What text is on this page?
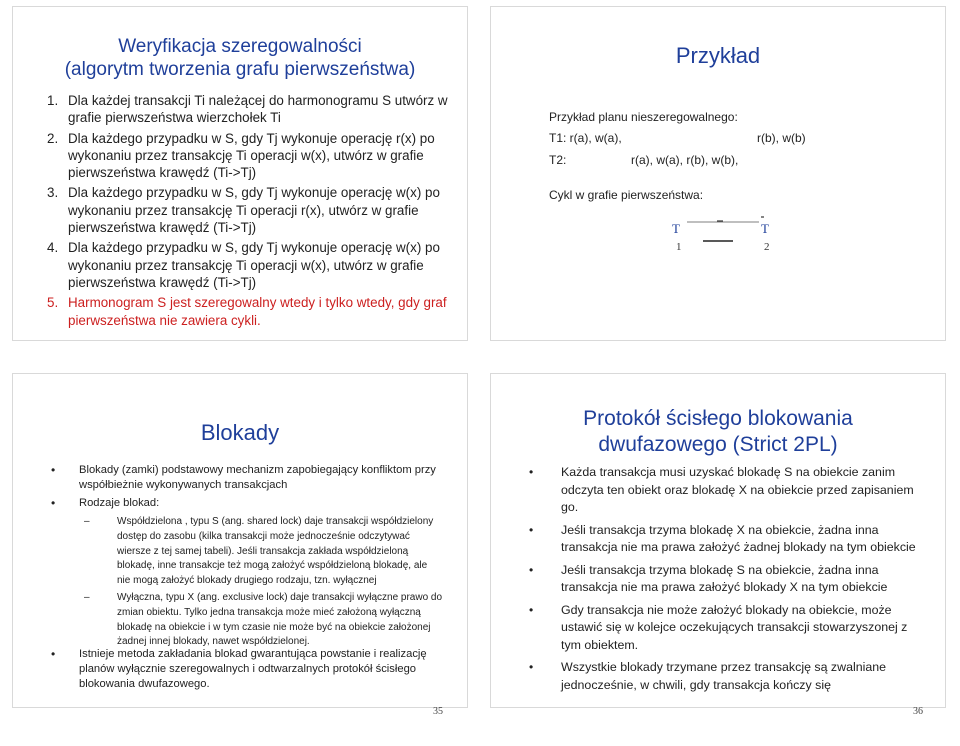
Weryfikacja szeregowalności
(algorytm tworzenia grafu pierwszeństwa)
1. Dla każdej transakcji Ti należącej do harmonogramu S utwórz w grafie pierwszeństwa wierzchołek Ti
2. Dla każdego przypadku w S, gdy Tj wykonuje operację r(x) po wykonaniu przez transakcję Ti operacji w(x), utwórz w grafie pierwszeństwa krawędź (Ti->Tj)
3. Dla każdego przypadku w S, gdy Tj wykonuje operację w(x) po wykonaniu przez transakcję Ti operacji r(x), utwórz w grafie pierwszeństwa krawędź (Ti->Tj)
4. Dla każdego przypadku w S, gdy Tj wykonuje operację w(x) po wykonaniu przez transakcję Ti operacji w(x), utwórz w grafie pierwszeństwa krawędź (Ti->Tj)
5. Harmonogram S jest szeregowalny wtedy i tylko wtedy, gdy graf pierwszeństwa nie zawiera cykli.
Przykład
Przykład planu nieszeregowalnego:
T1: r(a), w(a),	r(b), w(b)
T2:	r(a), w(a), r(b), w(b),
Cykl w grafie pierwszeństwa:
T
1
T
2
Blokady
• Blokady (zamki) podstawowy mechanizm zapobiegający konfliktom przy współbieżnie wykonywanych transakcjach
• Rodzaje blokad:
–	Współdzielona , typu S (ang. shared lock) daje transakcji współdzielony dostęp do zasobu (kilka transakcji może jednocześnie odczytywać wiersze z tej samej tabeli). Jeśli transakcja zakłada współdzieloną blokadę, inne transakcje też mogą założyć współdzieloną blokadę, ale nie mogą założyć blokady drugiego rodzaju, tzn. wyłącznej
–	Wyłączna, typu X (ang. exclusive lock) daje transakcji wyłączne prawo do zmian obiektu. Tylko jedna transakcja może mieć założoną wyłączną blokadę na obiekcie i w tym czasie nie może być na obiekcie założonej żadnej innej blokady, nawet współdzielonej.
• Istnieje metoda zakładania blokad gwarantująca powstanie i realizację planów wyłącznie szeregowalnych i odtwarzalnych protokół ścisłego blokowania dwufazowego.
Protokół ścisłego blokowania
dwufazowego (Strict 2PL)
• Każda transakcja musi uzyskać blokadę S na obiekcie zanim odczyta ten obiekt oraz blokadę X na obiekcie przed zapisaniem go.
• Jeśli transakcja trzyma blokadę X na obiekcie, żadna inna transakcja nie ma prawa założyć żadnej blokady na tym obiekcie
• Jeśli transakcja trzyma blokadę S na obiekcie, żadna inna transakcja nie ma prawa założyć blokady X na tym obiekcie
• Gdy transakcja nie może założyć blokady na obiekcie, może ustawić się w kolejce oczekujących transakcji stowarzyszonej z tym obiektem.
• Wszystkie blokady trzymane przez transakcję są zwalniane jednocześnie, w chwili, gdy transakcja kończy się
35	36
